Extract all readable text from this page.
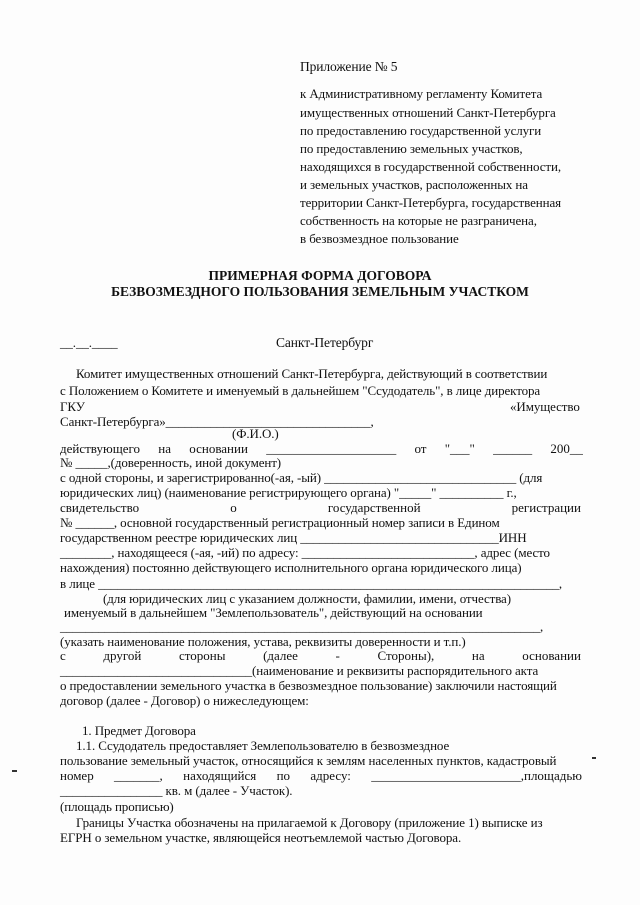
Приложение № 5
к Административному регламенту Комитета
имущественных отношений Санкт-Петербурга
по предоставлению государственной услуги
по предоставлению земельных участков,
находящихся в государственной собственности,
и земельных участков, расположенных на
территории Санкт-Петербурга, государственная
собственность на которые не разграничена,
в безвозмездное пользование
ПРИМЕРНАЯ ФОРМА ДОГОВОРА
БЕЗВОЗМЕЗДНОГО ПОЛЬЗОВАНИЯ ЗЕМЕЛЬНЫМ УЧАСТКОМ
__.__.____	Санкт-Петербург
Комитет имущественных отношений Санкт-Петербурга, действующий в соответствии
с Положением о Комитете и именуемый в дальнейшем "Ссудодатель", в лице директора
ГКУ	«Имущество
Санкт-Петербурга»________________________________,
(Ф.И.О.)
действующего на основании ____________________ от "___" ______ 200__
№ _____,(доверенность, иной документ)
с одной стороны, и зарегистрированно(-ая, -ый) ______________________________ (для
юридических лиц) (наименование регистрирующего органа) "_____" __________ г.,
свидетельство	о	государственной	регистрации
№ ______, основной государственный регистрационный номер записи в Едином
государственном реестре юридических лиц _______________________________ИНН
________, находящееся (-ая, -ий) по адресу: ___________________________, адрес (место
нахождения) постоянно действующего исполнительного органа юридического лица)
в лице ________________________________________________________________________,
(для юридических лиц с указанием должности, фамилии, имени, отчества)
именуемый в дальнейшем "Землепользователь", действующий на основании
___________________________________________________________________________,
(указать наименование положения, устава, реквизиты доверенности и т.п.)
с	другой	стороны	(далее	-	Стороны),	на	основании
______________________________(наименование и реквизиты распорядительного акта
о предоставлении земельного участка в безвозмездное пользование) заключили настоящий
договор (далее - Договор) о нижеследующем:
1. Предмет Договора
1.1. Ссудодатель предоставляет Землепользователю в безвозмездное
пользование земельный участок, относящийся к землям населенных пунктов, кадастровый
номер _______, находящийся по адресу: _______________________,площадью
________________ кв. м (далее - Участок).
(площадь прописью)
Границы Участка обозначены на прилагаемой к Договору (приложение 1) выписке из
ЕГРН о земельном участке, являющейся неотъемлемой частью Договора.
